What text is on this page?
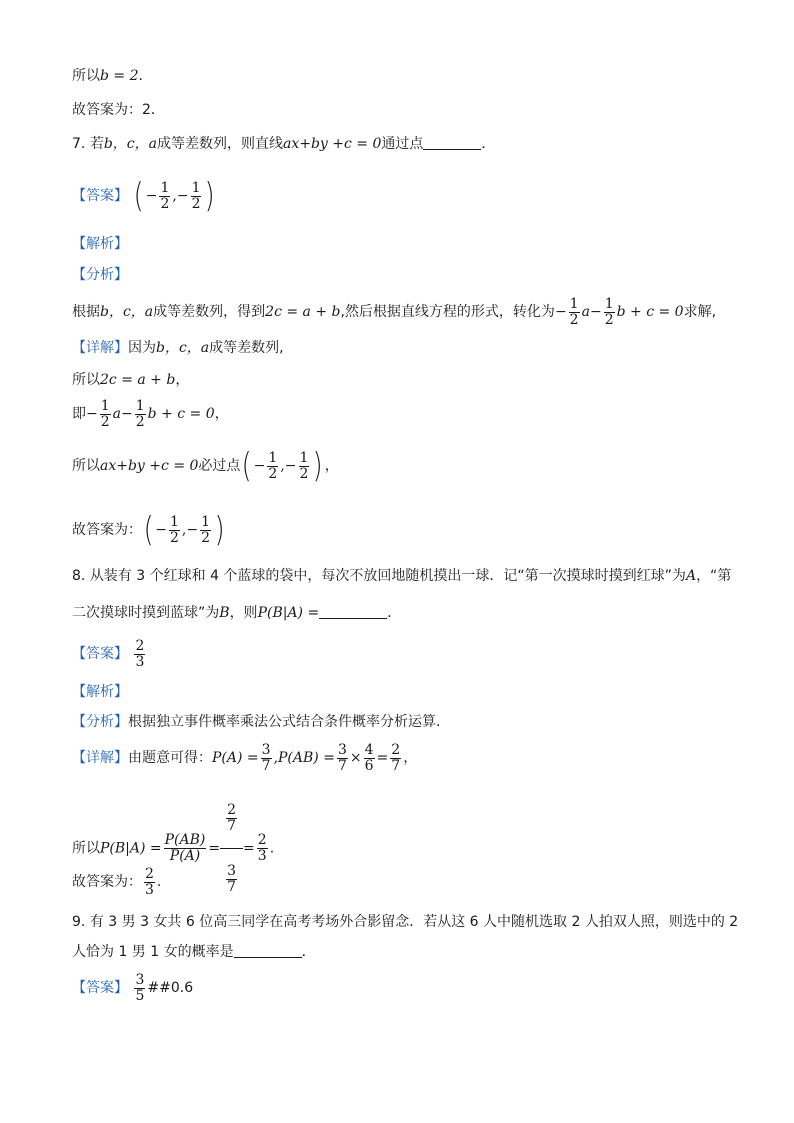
所以b = 2.
故答案为：2．
7. 若b，c，a成等差数列，则直线ax+by +c = 0通过点	．
【答案】 ( − $\frac{1}{2}$ ,− $\frac{1}{2}$ )
【解析】
【分析】
根据b，c，a成等差数列，得到2c = a + b,然后根据直线方程的形式，转化为− $\frac{1}{2} a- \frac{1}{2}$ b + c = 0求解,
【详解】因为b，c，a成等差数列,
所以2c = a + b，
即− $\frac{1}{2} a- \frac{1}{2}$ b + c = 0，
所以ax+by +c = 0必过点( − $\frac{1}{2}$ ,− $\frac{1}{2}$ ) ，
故答案为：( − $\frac{1}{2}$ ,− $\frac{1}{2}$ )
8. 从装有 3 个红球和 4 个蓝球的袋中，每次不放回地随机摸出一球．记“第一次摸球时摸到红球”为A，“第
二次摸球时摸到蓝球”为B，则P(B|A) =	．
【答案】 $\frac{2}{3}$
【解析】
【分析】根据独立事件概率乘法公式结合条件概率分析运算.
【详解】由题意可得：$P(A) = \frac{3}{7} ,P(AB) = \frac{3}{7} \times \frac{4}{6} = \frac{2}{7}$ ，
所以$P(B|A) = \frac{P(AB)}{P(A)} = \frac{\frac{2}{7}}{\frac{3}{7}} = \frac{2}{3}$ .
故答案为： $\frac{2}{3}$ .
9. 有 3 男 3 女共 6 位高三同学在高考考场外合影留念．若从这 6 人中随机选取 2 人拍双人照，则选中的 2
人恰为 1 男 1 女的概率是	．
【答案】 $\frac{3}{5}$ ##0.6
